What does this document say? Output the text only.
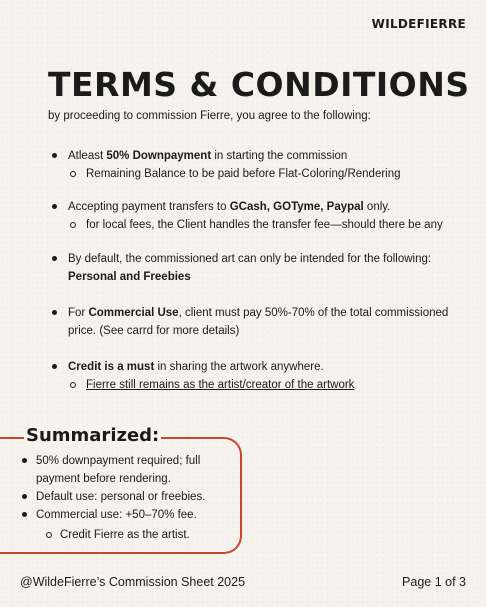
WILDEFIERRE
TERMS & CONDITIONS
by proceeding to commission Fierre, you agree to the following:
Atleast 50% Downpayment in starting the commission
Remaining Balance to be paid before Flat-Coloring/Rendering
Accepting payment transfers to GCash, GOTyme, Paypal only.
for local fees, the Client handles the transfer fee—should there be any
By default, the commissioned art can only be intended for the following:
Personal and Freebies
For Commercial Use, client must pay 50%-70% of the total commissioned price. (See carrd for more details)
Credit is a must in sharing the artwork anywhere.
Fierre still remains as the artist/creator of the artwork
Summarized:
50% downpayment required; full payment before rendering.
Default use: personal or freebies.
Commercial use: +50–70% fee.
Credit Fierre as the artist.
@WildeFierre’s Commission Sheet 2025	Page 1 of 3
